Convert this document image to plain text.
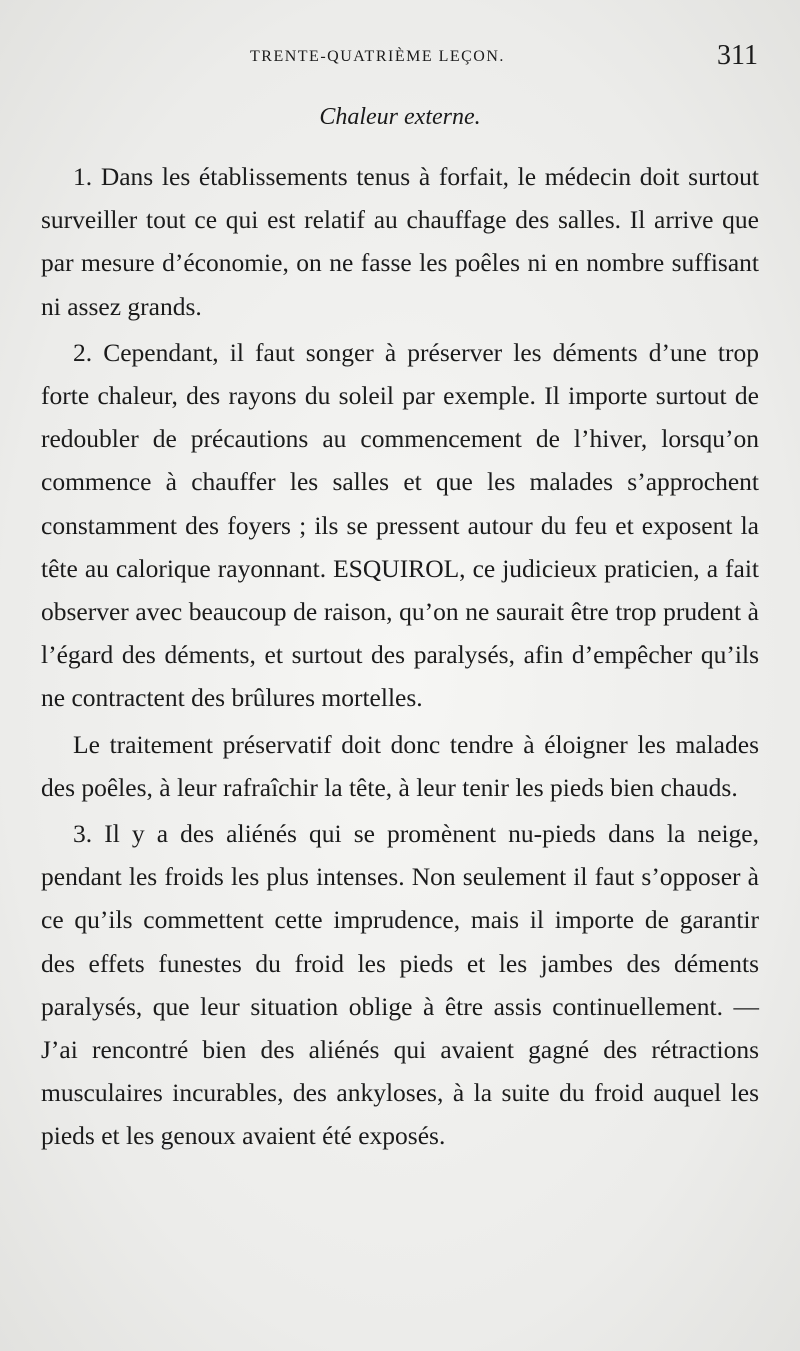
TRENTE-QUATRIÈME LEÇON.	311
Chaleur externe.

1. Dans les établissements tenus à forfait, le médecin doit surtout surveiller tout ce qui est relatif au chauffage des salles. Il arrive que par mesure d’économie, on ne fasse les poêles ni en nombre suffisant ni assez grands.

2. Cependant, il faut songer à préserver les déments d’une trop forte chaleur, des rayons du soleil par exemple. Il importe surtout de redoubler de précautions au commencement de l’hiver, lorsqu’on commence à chauffer les salles et que les malades s’approchent constamment des foyers ; ils se pressent autour du feu et exposent la tête au calorique rayonnant. ESQUIROL, ce judicieux praticien, a fait observer avec beaucoup de raison, qu’on ne saurait être trop prudent à l’égard des déments, et surtout des paralysés, afin d’empêcher qu’ils ne contractent des brûlures mortelles.

Le traitement préservatif doit donc tendre à éloigner les malades des poêles, à leur rafraîchir la tête, à leur tenir les pieds bien chauds.

3. Il y a des aliénés qui se promènent nu-pieds dans la neige, pendant les froids les plus intenses. Non seulement il faut s’opposer à ce qu’ils commettent cette imprudence, mais il importe de garantir des effets funestes du froid les pieds et les jambes des déments paralysés, que leur situation oblige à être assis continuellement. — J’ai rencontré bien des aliénés qui avaient gagné des rétractions musculaires incurables, des ankyloses, à la suite du froid auquel les pieds et les genoux avaient été exposés.
